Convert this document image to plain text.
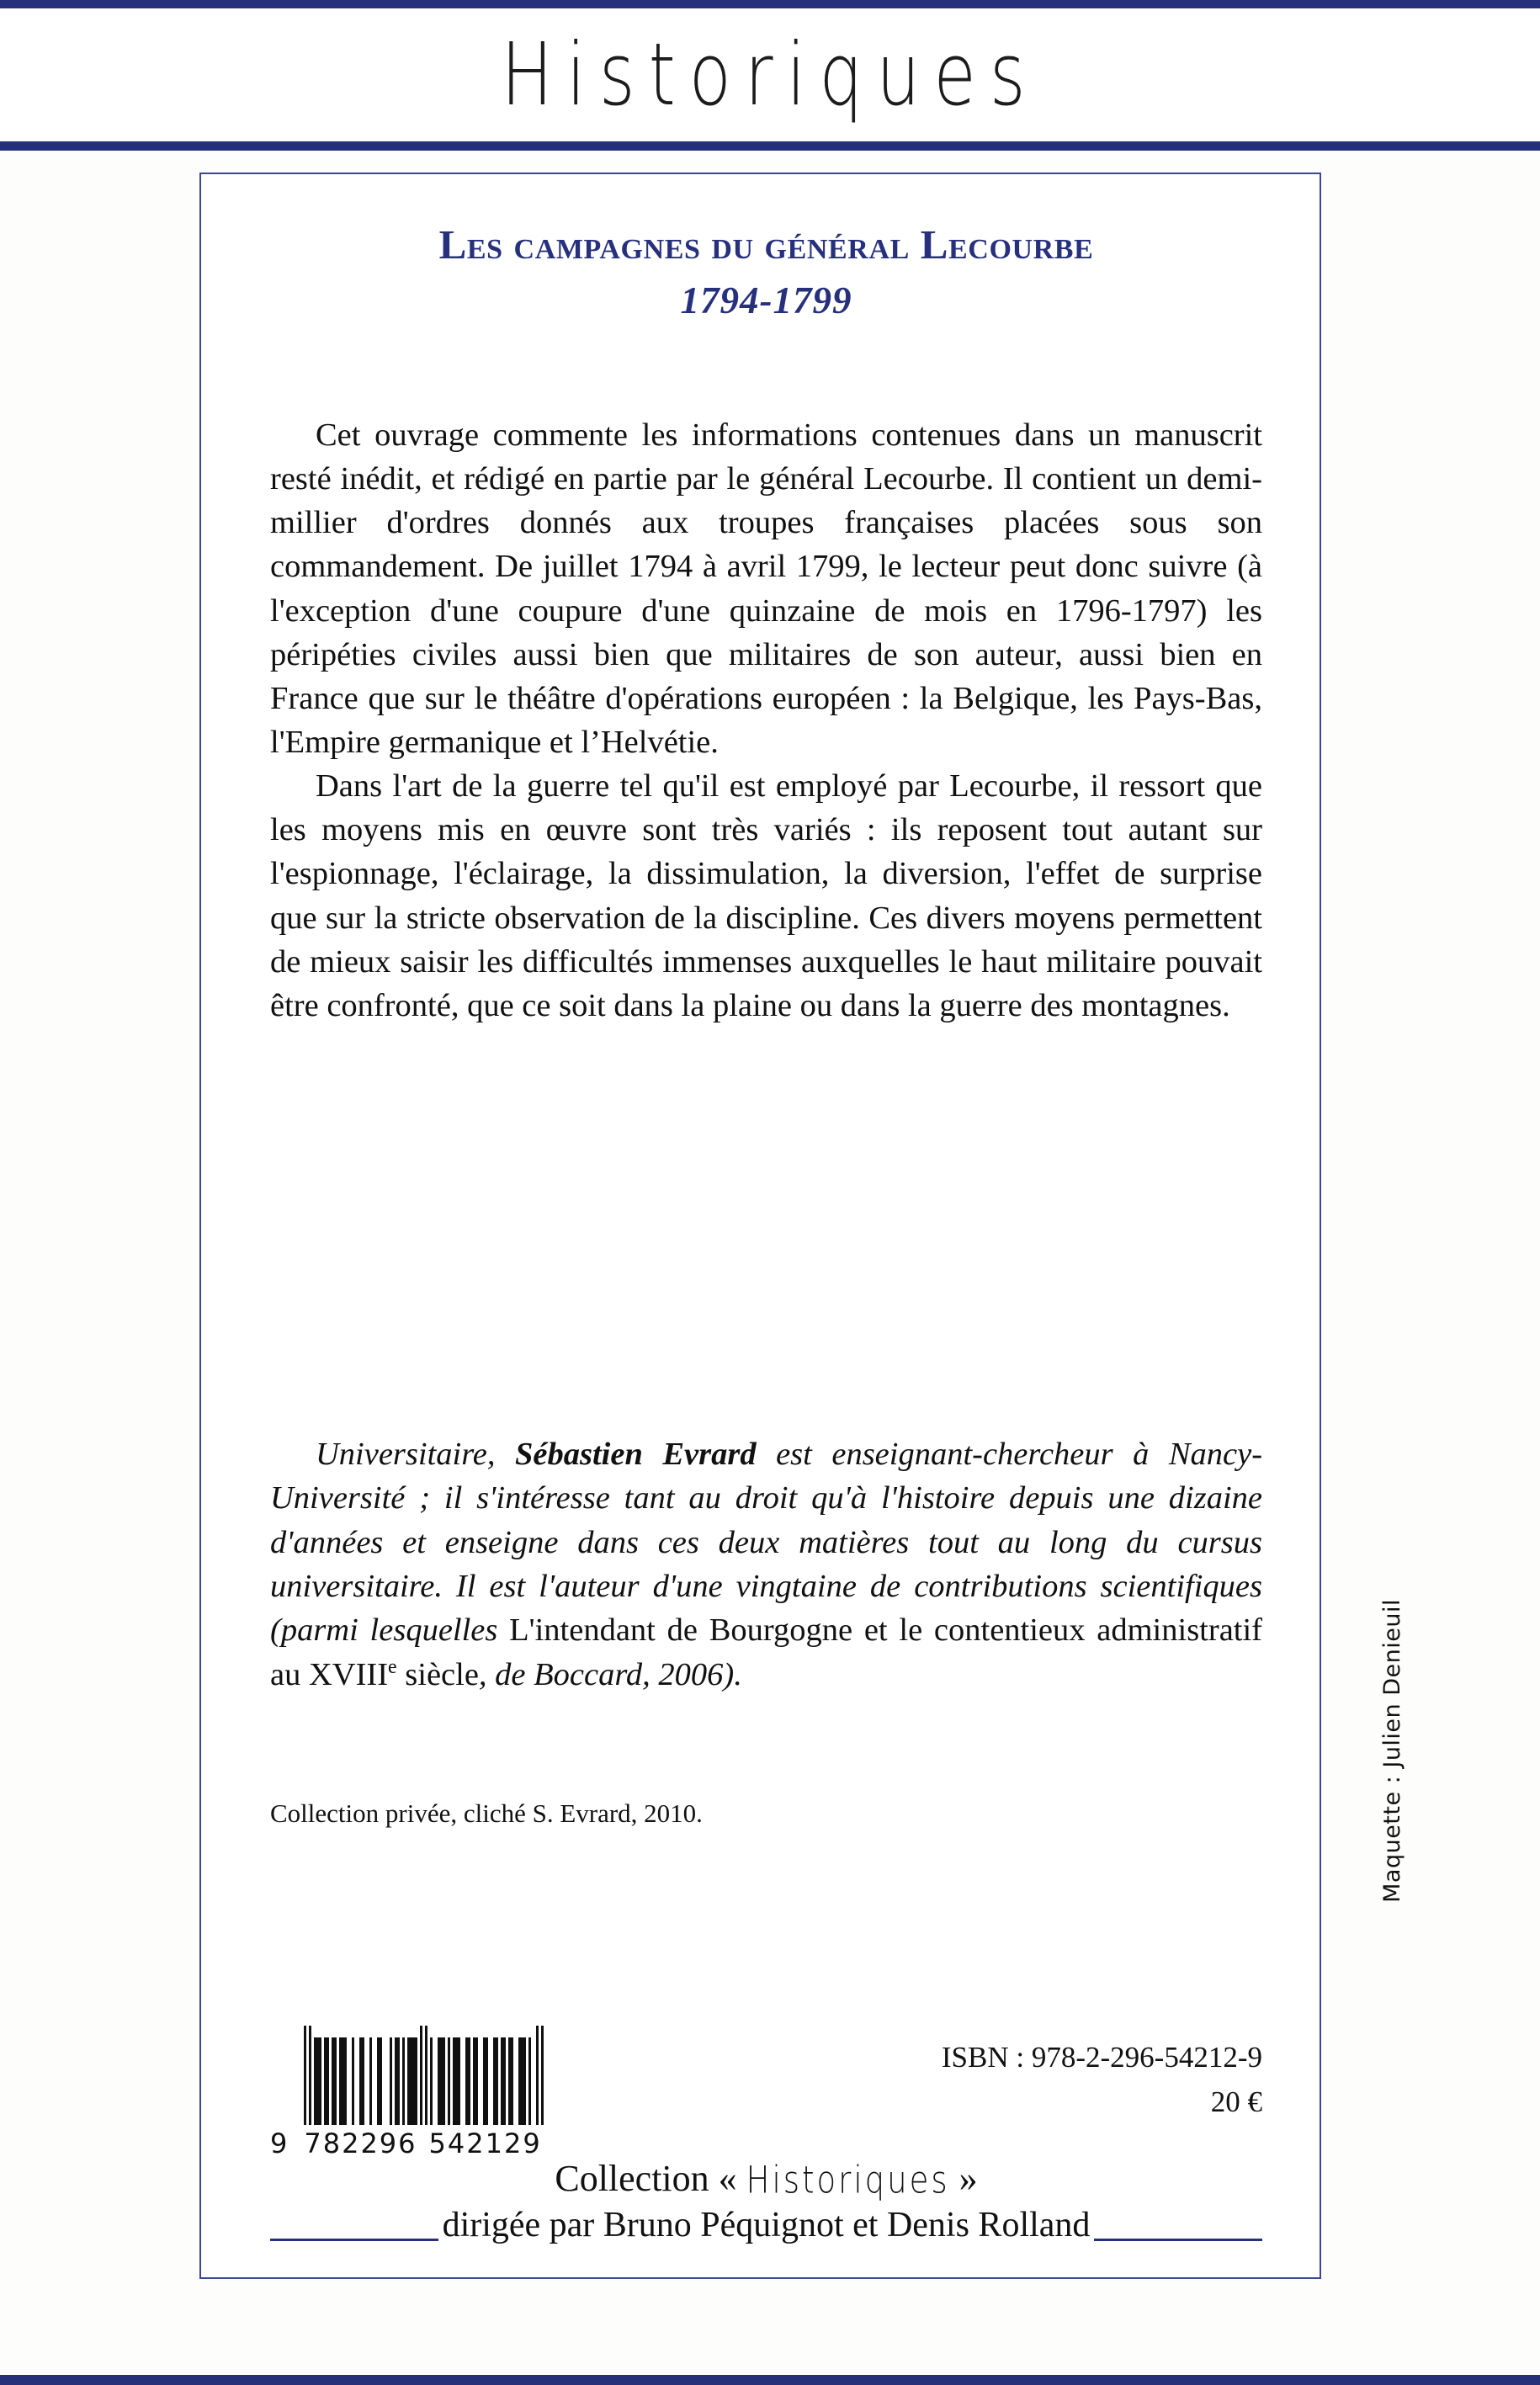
Historiques
Les campagnes du général Lecourbe
1794-1799

Cet ouvrage commente les informations contenues dans un manuscrit resté inédit, et rédigé en partie par le général Lecourbe. Il contient un demi-millier d'ordres donnés aux troupes françaises placées sous son commandement. De juillet 1794 à avril 1799, le lecteur peut donc suivre (à l'exception d'une coupure d'une quinzaine de mois en 1796-1797) les péripéties civiles aussi bien que militaires de son auteur, aussi bien en France que sur le théâtre d'opérations européen : la Belgique, les Pays-Bas, l'Empire germanique et l’Helvétie.

Dans l'art de la guerre tel qu'il est employé par Lecourbe, il ressort que les moyens mis en œuvre sont très variés : ils reposent tout autant sur l'espionnage, l'éclairage, la dissimulation, la diversion, l'effet de surprise que sur la stricte observation de la discipline. Ces divers moyens permettent de mieux saisir les difficultés immenses auxquelles le haut militaire pouvait être confronté, que ce soit dans la plaine ou dans la guerre des montagnes.

Universitaire, Sébastien Evrard est enseignant-chercheur à Nancy-Université ; il s'intéresse tant au droit qu'à l'histoire depuis une dizaine d'années et enseigne dans ces deux matières tout au long du cursus universitaire. Il est l'auteur d'une vingtaine de contributions scientifiques (parmi lesquelles L'intendant de Bourgogne et le contentieux administratif au XVIIIe siècle, de Boccard, 2006).

Collection privée, cliché S. Evrard, 2010.
9 782296 542129
ISBN : 978-2-296-54212-9
20 €
Collection « Historiques »
dirigée par Bruno Péquignot et Denis Rolland
Maquette : Julien Denieuil
